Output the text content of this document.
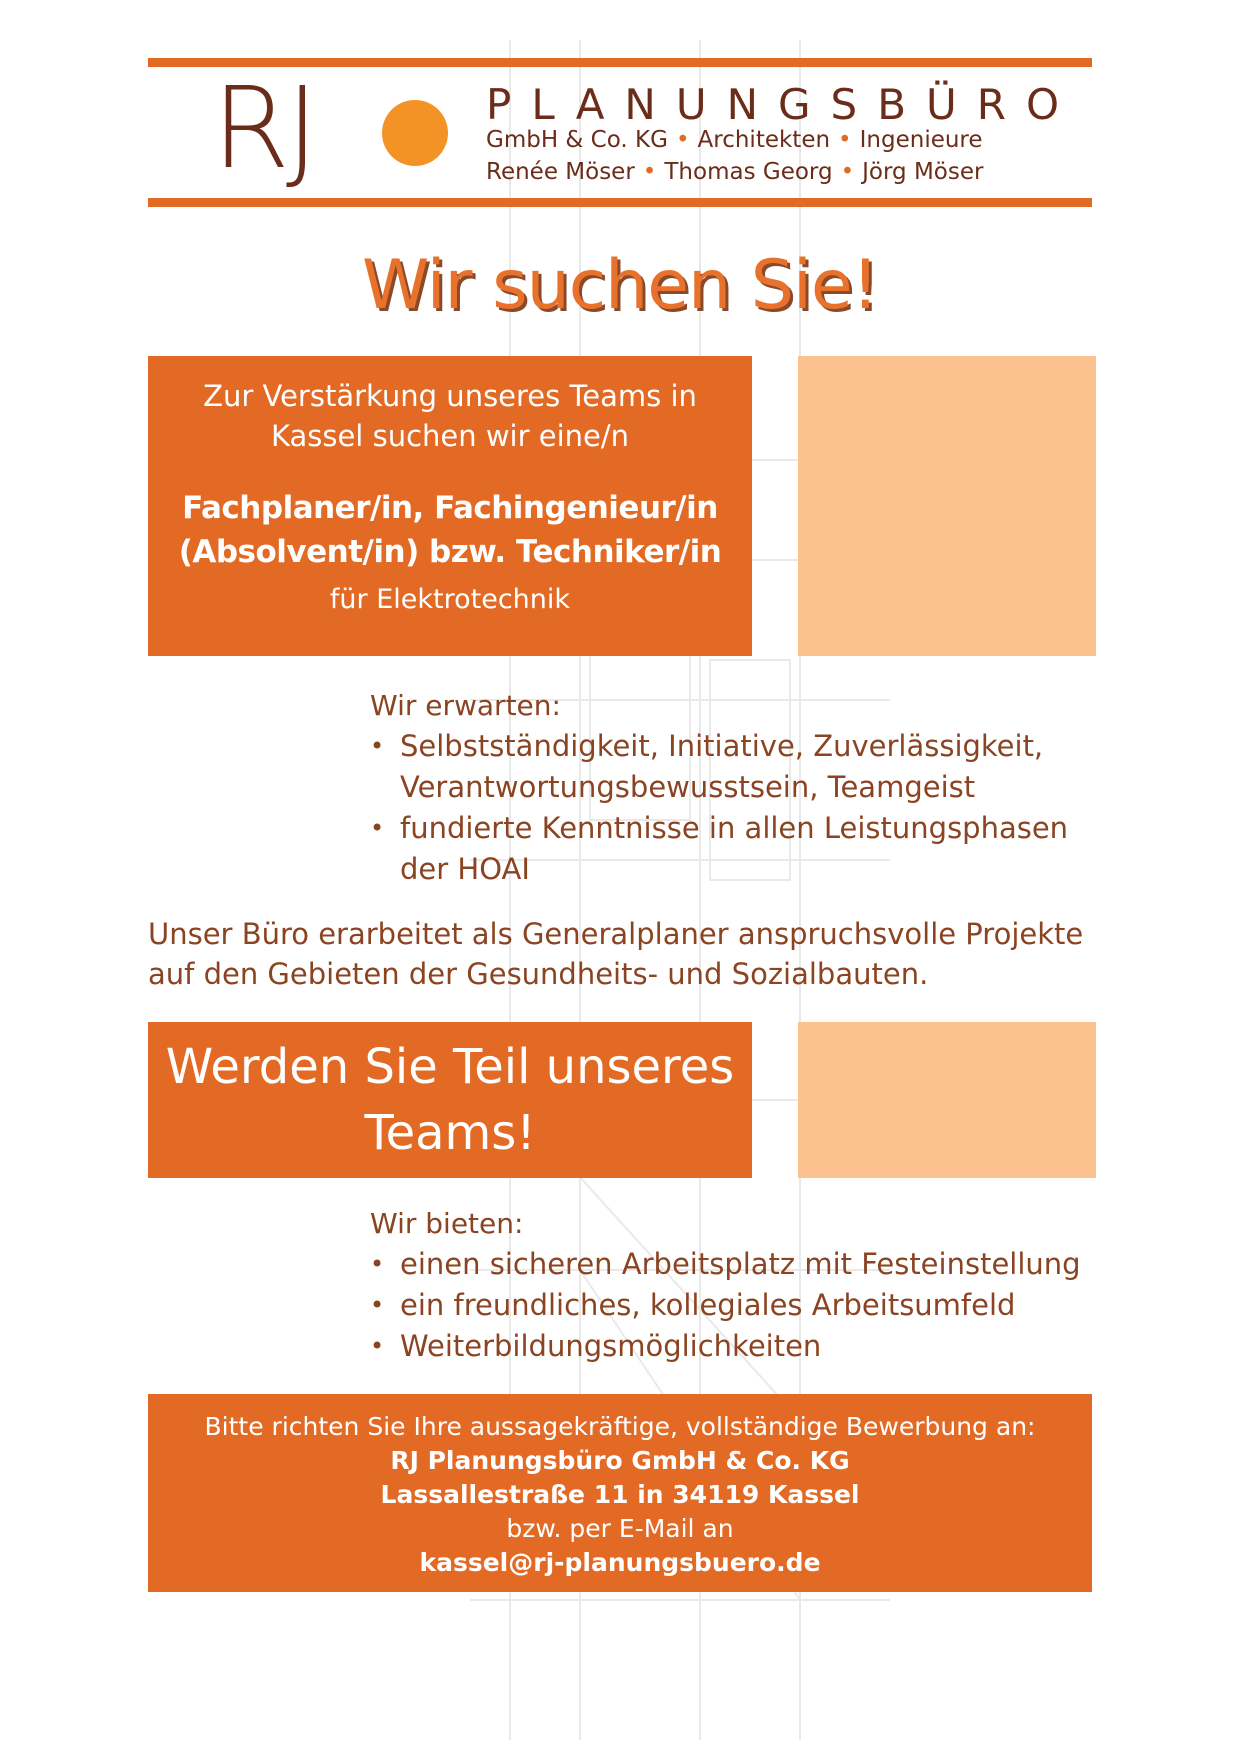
RJ	PLANUNGSBÜRO
GmbH & Co. KG • Architekten • Ingenieure
Renée Möser • Thomas Georg • Jörg Möser
Wir suchen Sie!
Zur Verstärkung unseres Teams in
Kassel suchen wir eine/n
Fachplaner/in, Fachingenieur/in
(Absolvent/in) bzw. Techniker/in
für Elektrotechnik
Wir erwarten:
• Selbstständigkeit, Initiative, Zuverlässigkeit,
Verantwortungsbewusstsein, Teamgeist
• fundierte Kenntnisse in allen Leistungsphasen
der HOAI
Unser Büro erarbeitet als Generalplaner anspruchsvolle Projekte
auf den Gebieten der Gesundheits- und Sozialbauten.
Werden Sie Teil unseres
Teams!
Wir bieten:
• einen sicheren Arbeitsplatz mit Festeinstellung
• ein freundliches, kollegiales Arbeitsumfeld
• Weiterbildungsmöglichkeiten
Bitte richten Sie Ihre aussagekräftige, vollständige Bewerbung an:
RJ Planungsbüro GmbH & Co. KG
Lassallestraße 11 in 34119 Kassel
bzw. per E-Mail an
kassel@rj-planungsbuero.de
